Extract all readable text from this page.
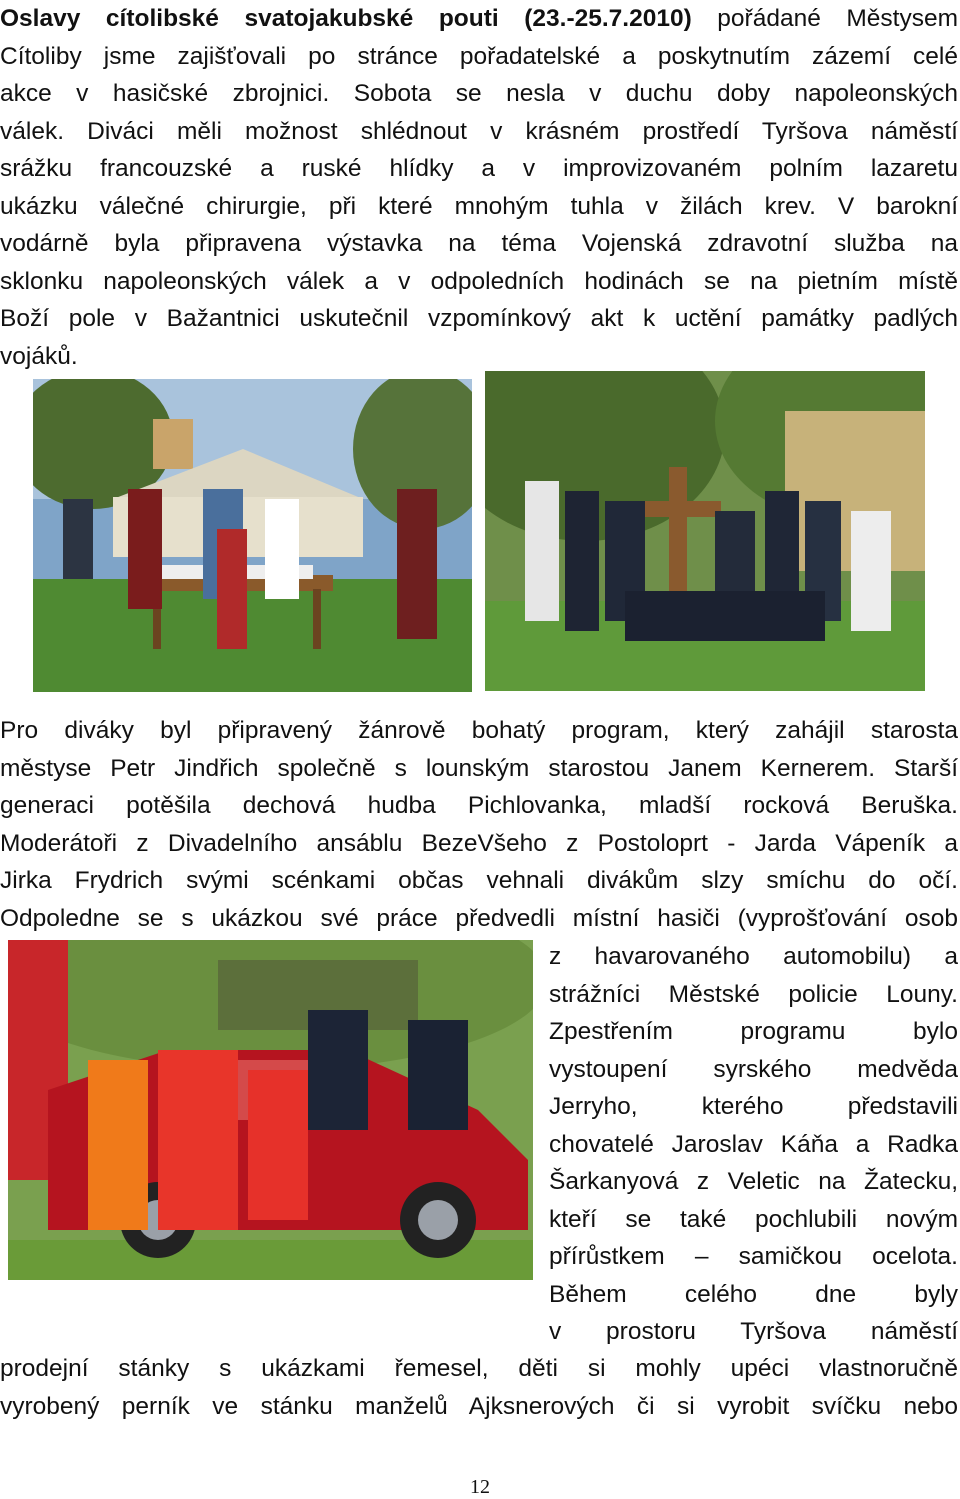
Oslavy cítolibské svatojakubské pouti (23.-25.7.2010) pořádané Městysem
Cítoliby jsme zajišťovali po stránce pořadatelské a poskytnutím zázemí celé
akce v hasičské zbrojnici. Sobota se nesla v duchu doby napoleonských
válek. Diváci měli možnost shlédnout v krásném prostředí Tyršova náměstí
srážku francouzské a ruské hlídky a v improvizovaném polním lazaretu
ukázku válečné chirurgie, při které mnohým tuhla v žilách krev. V barokní
vodárně byla připravena výstavka na téma Vojenská zdravotní služba na
sklonku napoleonských válek a v odpoledních hodinách se na pietním místě
Boží pole v Bažantnici uskutečnil vzpomínkový akt k uctění památky padlých
vojáků.
Pro diváky byl připravený žánrově bohatý program, který zahájil starosta
městyse Petr Jindřich společně s lounským starostou Janem Kernerem. Starší
generaci potěšila dechová hudba Pichlovanka, mladší rocková Beruška.
Moderátoři z Divadelního ansáblu BezeVšeho z Postoloprt - Jarda Vápeník a
Jirka Frydrich svými scénkami občas vehnali divákům slzy smíchu do očí.
Odpoledne se s ukázkou své práce předvedli místní hasiči (vyprošťování osob
z havarovaného automobilu) a
strážníci Městské policie Louny.
Zpestřením programu bylo
vystoupení syrského medvěda
Jerryho, kterého představili
chovatelé Jaroslav Káňa a Radka
Šarkanyová z Veletic na Žatecku,
kteří se také pochlubili novým
přírůstkem – samičkou ocelota.
Během celého dne byly
v prostoru Tyršova náměstí
prodejní stánky s ukázkami řemesel, děti si mohly upéci vlastnoručně
vyrobený perník ve stánku manželů Ajksnerových či si vyrobit svíčku nebo
12
